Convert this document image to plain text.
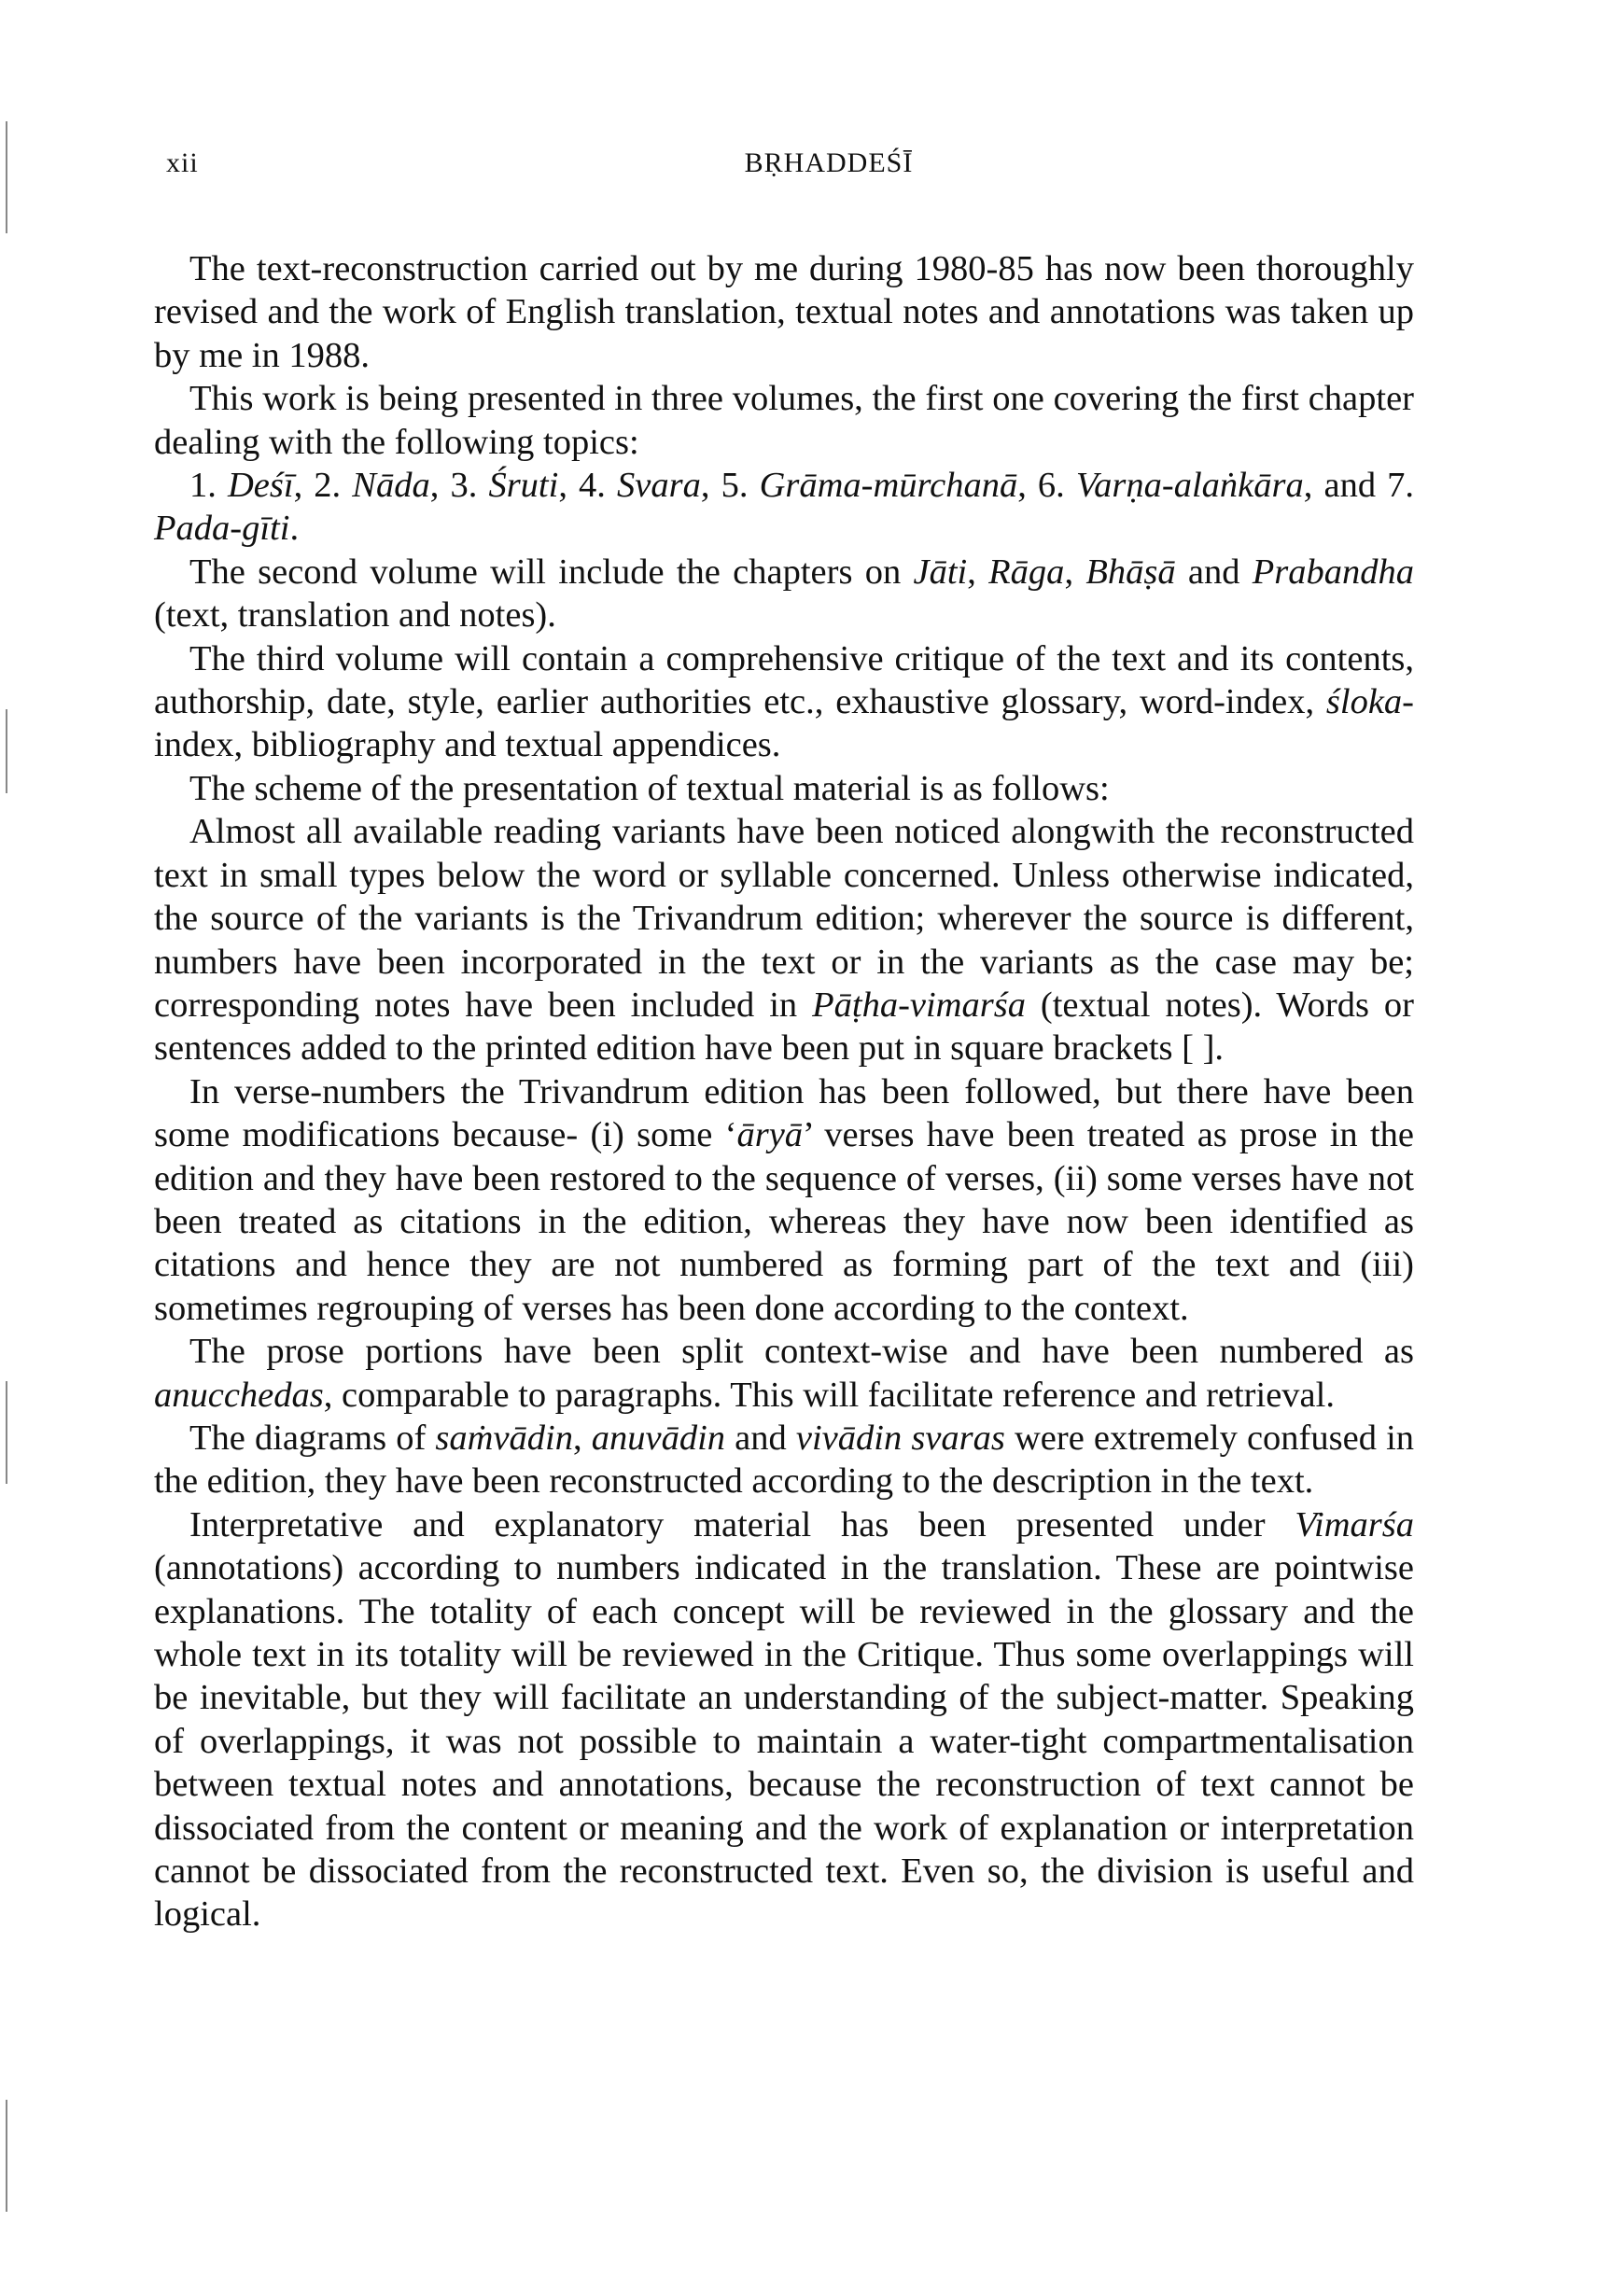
xii	BṚHADDEŚĪ

The text-reconstruction carried out by me during 1980-85 has now been thoroughly revised and the work of English translation, textual notes and annotations was taken up by me in 1988.

This work is being presented in three volumes, the first one covering the first chapter dealing with the following topics:

1. Deśī, 2. Nāda, 3. Śruti, 4. Svara, 5. Grāma-mūrchanā, 6. Varṇa-alaṅkāra, and 7. Pada-gīti.

The second volume will include the chapters on Jāti, Rāga, Bhāṣā and Prabandha (text, translation and notes).

The third volume will contain a comprehensive critique of the text and its contents, authorship, date, style, earlier authorities etc., exhaustive glossary, word-index, śloka- index, bibliography and textual appendices.

The scheme of the presentation of textual material is as follows:

Almost all available reading variants have been noticed alongwith the reconstructed text in small types below the word or syllable concerned. Unless otherwise indicated, the source of the variants is the Trivandrum edition; wherever the source is different, numbers have been incorporated in the text or in the variants as the case may be; corresponding notes have been included in Pāṭha-vimarśa (textual notes). Words or sentences added to the printed edition have been put in square brackets [ ].

In verse-numbers the Trivandrum edition has been followed, but there have been some modifications because- (i) some ‘āryā’ verses have been treated as prose in the edition and they have been restored to the sequence of verses, (ii) some verses have not been treated as citations in the edition, whereas they have now been identified as citations and hence they are not numbered as forming part of the text and (iii) sometimes regrouping of verses has been done according to the context.

The prose portions have been split context-wise and have been numbered as anucchedas, comparable to paragraphs. This will facilitate reference and retrieval.

The diagrams of saṁvādin, anuvādin and vivādin svaras were extremely confused in the edition, they have been reconstructed according to the description in the text.

Interpretative and explanatory material has been presented under Vimarśa (annotations) according to numbers indicated in the translation. These are pointwise explanations. The totality of each concept will be reviewed in the glossary and the whole text in its totality will be reviewed in the Critique. Thus some overlappings will be inevitable, but they will facilitate an understanding of the subject-matter. Speaking of overlappings, it was not possible to maintain a water-tight compartmentalisation between textual notes and annotations, because the reconstruction of text cannot be dissociated from the content or meaning and the work of explanation or interpretation cannot be dissociated from the reconstructed text. Even so, the division is useful and logical.
